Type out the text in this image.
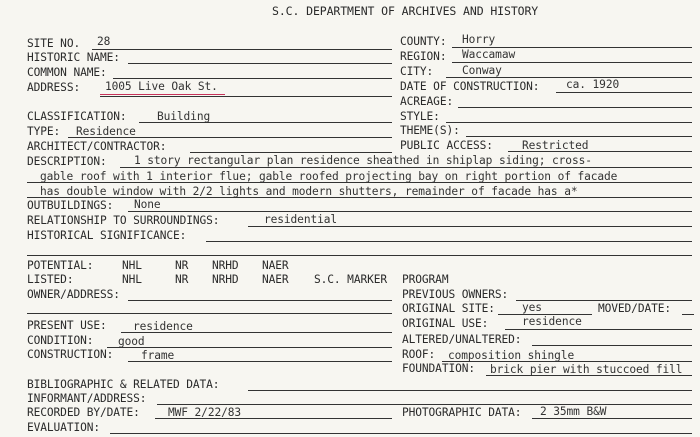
S.C. DEPARTMENT OF ARCHIVES AND HISTORY
SITE NO. 28
HISTORIC NAME:
COMMON NAME:
ADDRESS: 1005 Live Oak St.
CLASSIFICATION:	Building
TYPE: Residence
ARCHITECT/CONTRACTOR:
COUNTY: Horry
REGION: Waccamaw
CITY:	Conway
DATE OF CONSTRUCTION: ca. 1920
ACREAGE:
STYLE:
THEME(S):
PUBLIC ACCESS:	Restricted
DESCRIPTION: 1 story rectangular plan residence sheathed in shiplap siding; cross-
gable roof with 1 interior flue; gable roofed projecting bay on right portion of facade
has double window with 2/2 lights and modern shutters, remainder of facade has a*
OUTBUILDINGS: None
RELATIONSHIP TO SURROUNDINGS:	residential
HISTORICAL SIGNIFICANCE:
POTENTIAL:	NHL	NR NRHD NAER
LISTED:	NHL	NR NRHD NAER S.C. MARKER PROGRAM
OWNER/ADDRESS:	PREVIOUS OWNERS:
ORIGINAL SITE: yes	MOVED/DATE:
PRESENT USE: residence	ORIGINAL USE:	residence
CONDITION: good	ALTERED/UNALTERED:
CONSTRUCTION: frame	ROOF: composition shingle
FOUNDATION: brick pier with stuccoed fill
BIBLIOGRAPHIC & RELATED DATA:
INFORMANT/ADDRESS:
RECORDED BY/DATE:	MWF 2/22/83	PHOTOGRAPHIC DATA: 2 35mm B&W
EVALUATION:
